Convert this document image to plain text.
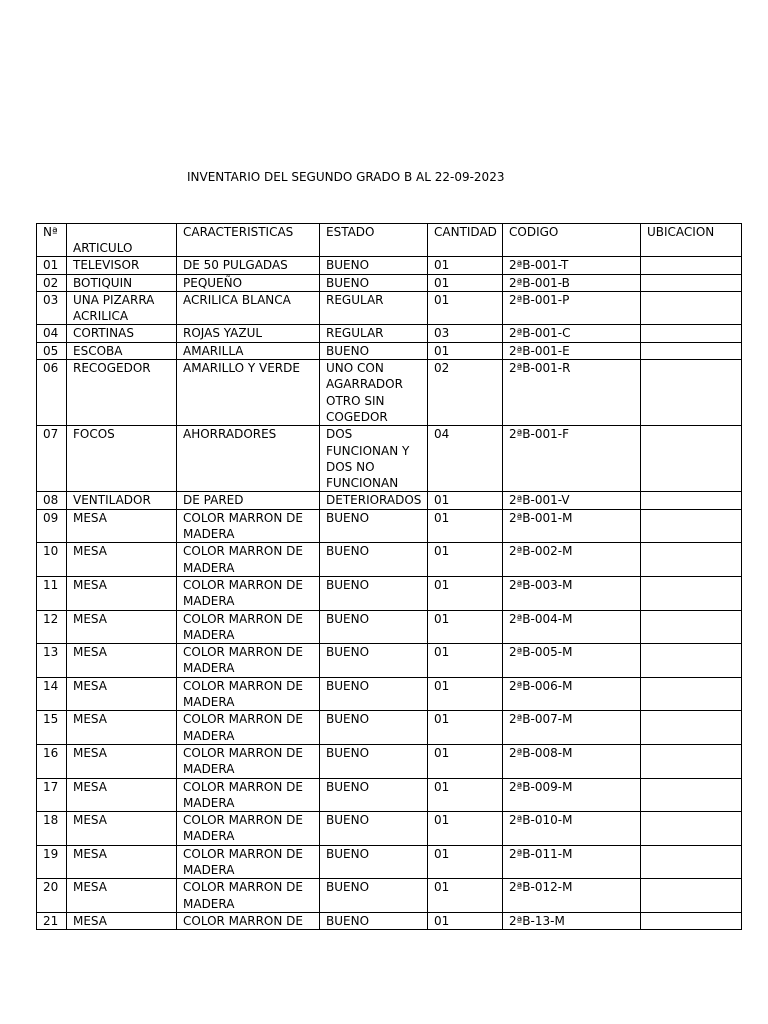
INVENTARIO DEL SEGUNDO GRADO B AL 22-09-2023
Nª	ARTICULO	CARACTERISTICAS	ESTADO	CANTIDAD	CODIGO	UBICACION
01	TELEVISOR	DE 50 PULGADAS	BUENO	01	2ªB-001-T	
02	BOTIQUIN	PEQUEÑO	BUENO	01	2ªB-001-B	
03	UNA PIZARRA ACRILICA	ACRILICA BLANCA	REGULAR	01	2ªB-001-P	
04	CORTINAS	ROJAS YAZUL	REGULAR	03	2ªB-001-C	
05	ESCOBA	AMARILLA	BUENO	01	2ªB-001-E	
06	RECOGEDOR	AMARILLO Y VERDE	UNO CON AGARRADOR OTRO SIN COGEDOR	02	2ªB-001-R	
07	FOCOS	AHORRADORES	DOS FUNCIONAN Y DOS NO FUNCIONAN	04	2ªB-001-F	
08	VENTILADOR	DE PARED	DETERIORADOS	01	2ªB-001-V	
09	MESA	COLOR MARRON DE MADERA	BUENO	01	2ªB-001-M	
10	MESA	COLOR MARRON DE MADERA	BUENO	01	2ªB-002-M	
11	MESA	COLOR MARRON DE MADERA	BUENO	01	2ªB-003-M	
12	MESA	COLOR MARRON DE MADERA	BUENO	01	2ªB-004-M	
13	MESA	COLOR MARRON DE MADERA	BUENO	01	2ªB-005-M	
14	MESA	COLOR MARRON DE MADERA	BUENO	01	2ªB-006-M	
15	MESA	COLOR MARRON DE MADERA	BUENO	01	2ªB-007-M	
16	MESA	COLOR MARRON DE MADERA	BUENO	01	2ªB-008-M	
17	MESA	COLOR MARRON DE MADERA	BUENO	01	2ªB-009-M	
18	MESA	COLOR MARRON DE MADERA	BUENO	01	2ªB-010-M	
19	MESA	COLOR MARRON DE MADERA	BUENO	01	2ªB-011-M	
20	MESA	COLOR MARRON DE MADERA	BUENO	01	2ªB-012-M	
21	MESA	COLOR MARRON DE	BUENO	01	2ªB-13-M	
